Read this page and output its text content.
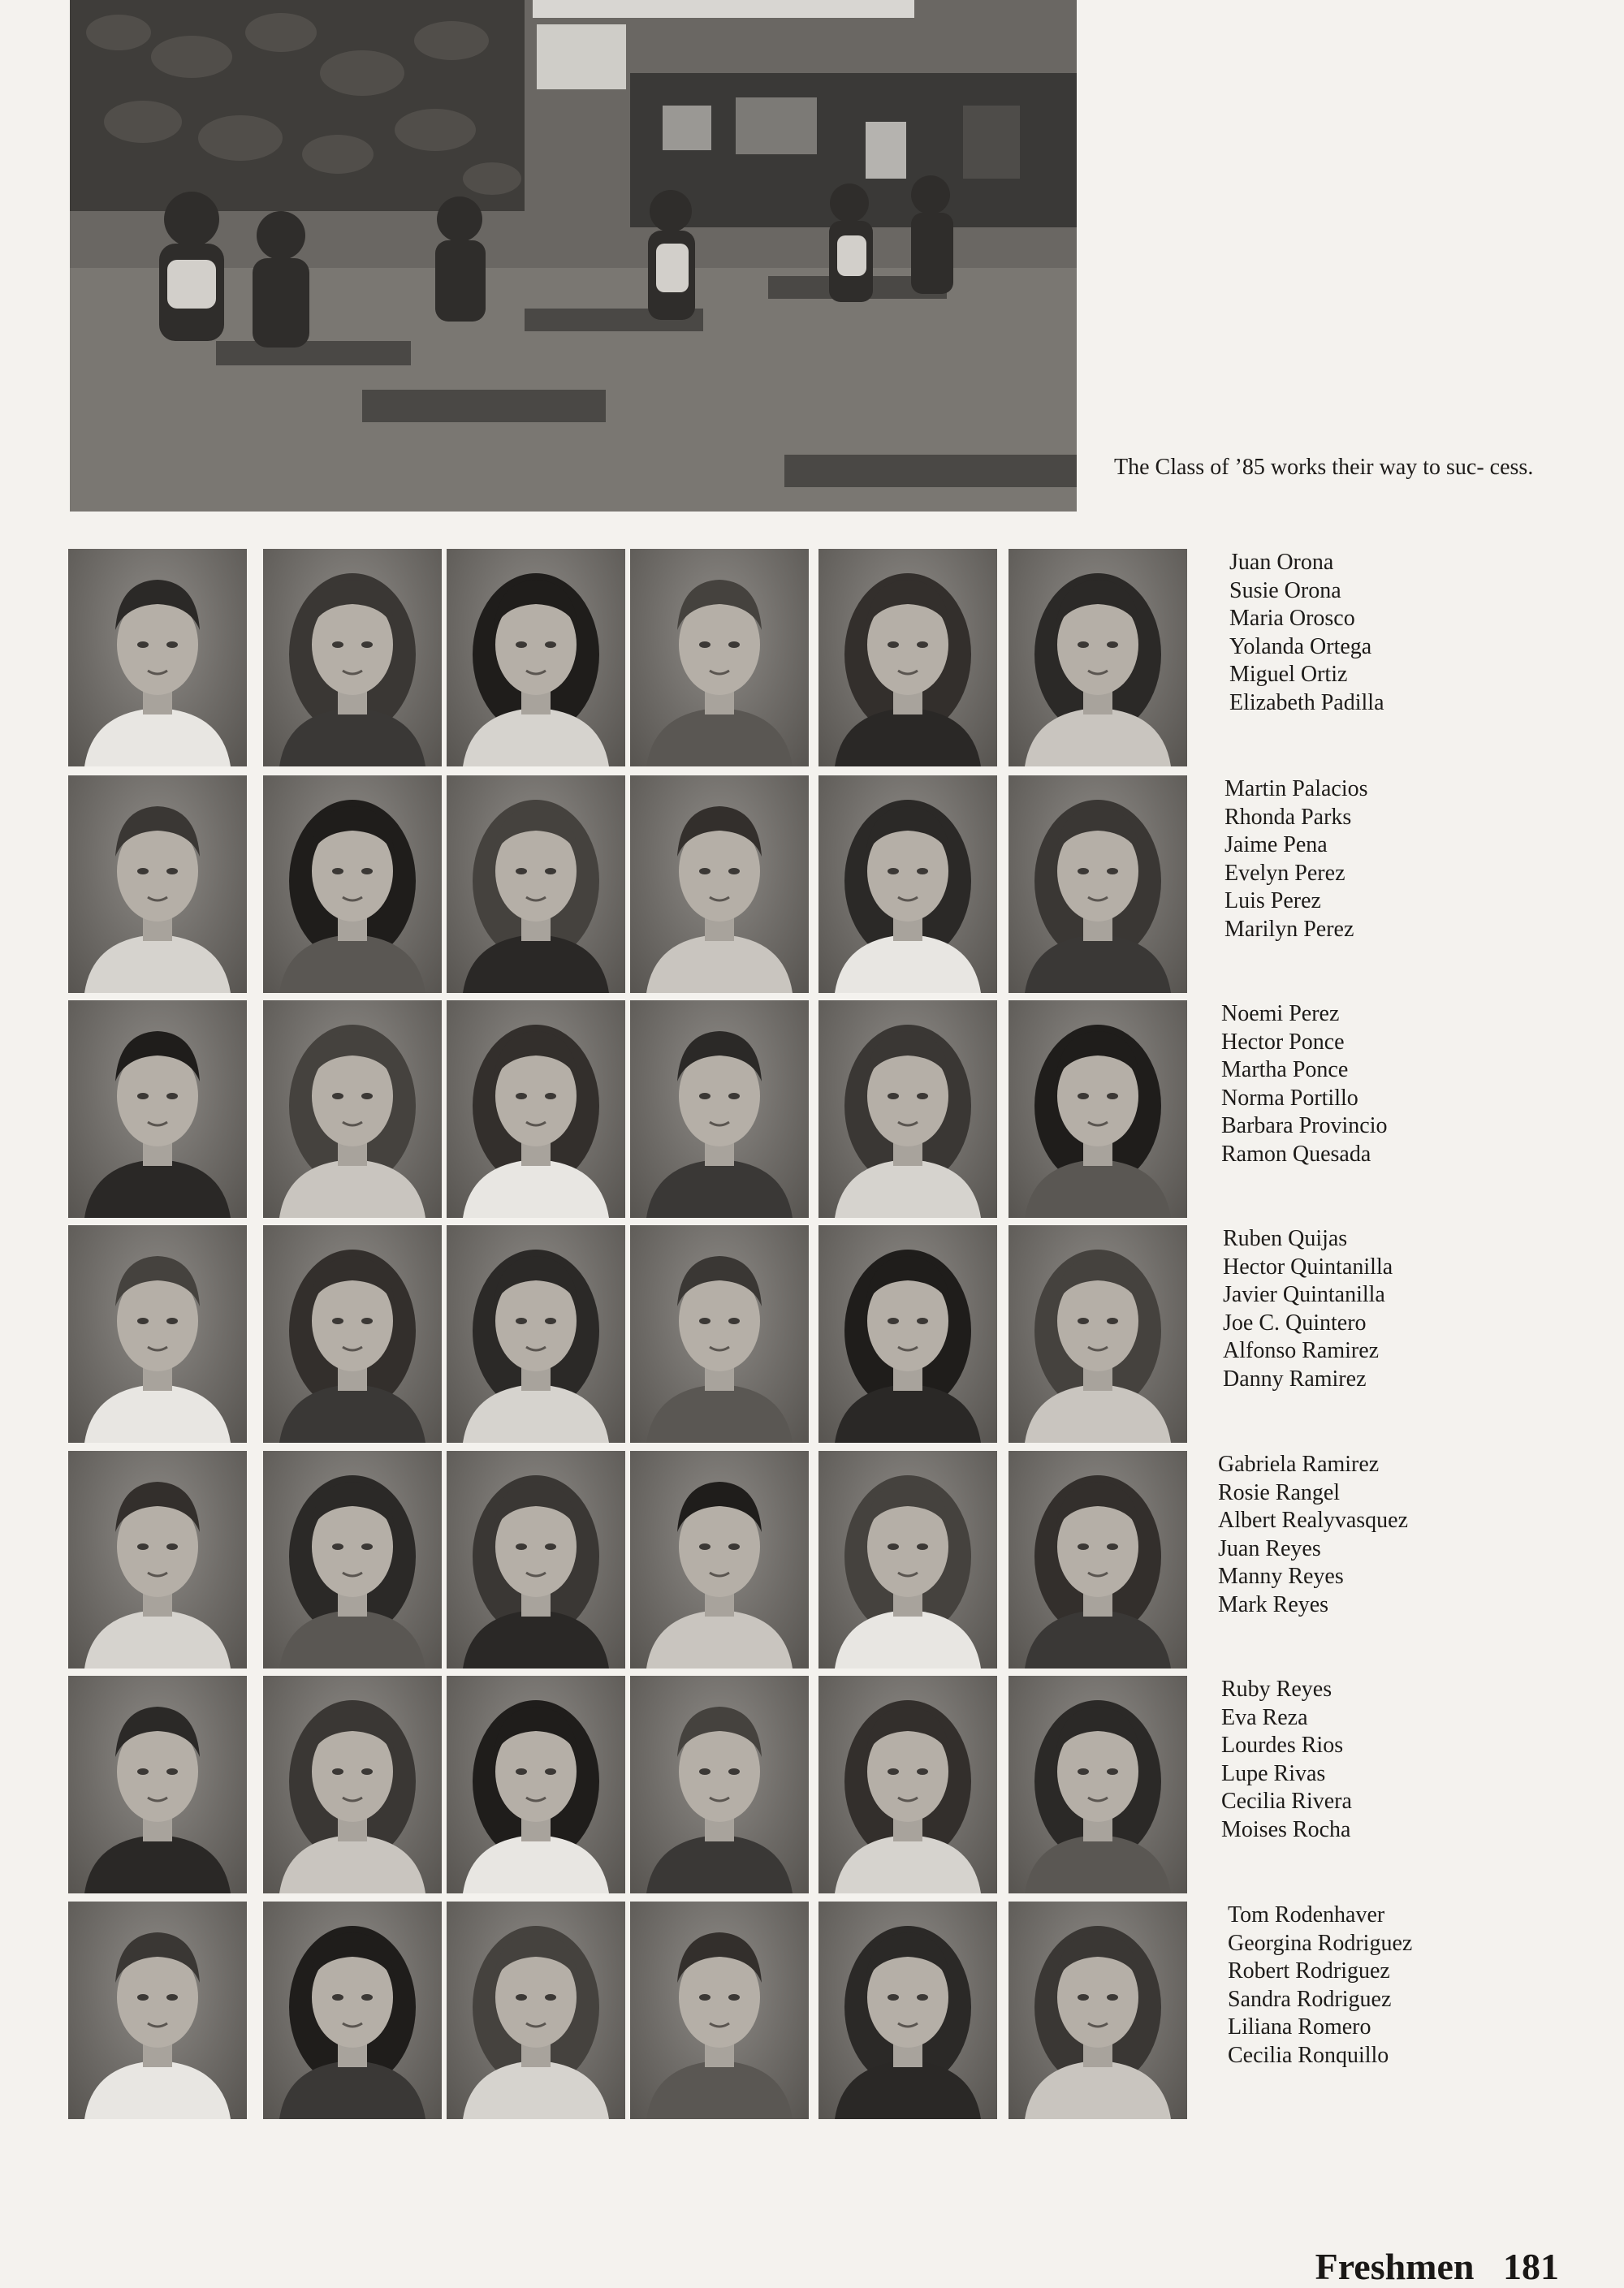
The Class of ’85 works their way to suc- cess.
Juan Orona
Susie Orona
Maria Orosco
Yolanda Ortega
Miguel Ortiz
Elizabeth Padilla
Martin Palacios
Rhonda Parks
Jaime Pena
Evelyn Perez
Luis Perez
Marilyn Perez
Noemi Perez
Hector Ponce
Martha Ponce
Norma Portillo
Barbara Provincio
Ramon Quesada
Ruben Quijas
Hector Quintanilla
Javier Quintanilla
Joe C. Quintero
Alfonso Ramirez
Danny Ramirez
Gabriela Ramirez
Rosie Rangel
Albert Realyvasquez
Juan Reyes
Manny Reyes
Mark Reyes
Ruby Reyes
Eva Reza
Lourdes Rios
Lupe Rivas
Cecilia Rivera
Moises Rocha
Tom Rodenhaver
Georgina Rodriguez
Robert Rodriguez
Sandra Rodriguez
Liliana Romero
Cecilia Ronquillo
Freshmen 181
